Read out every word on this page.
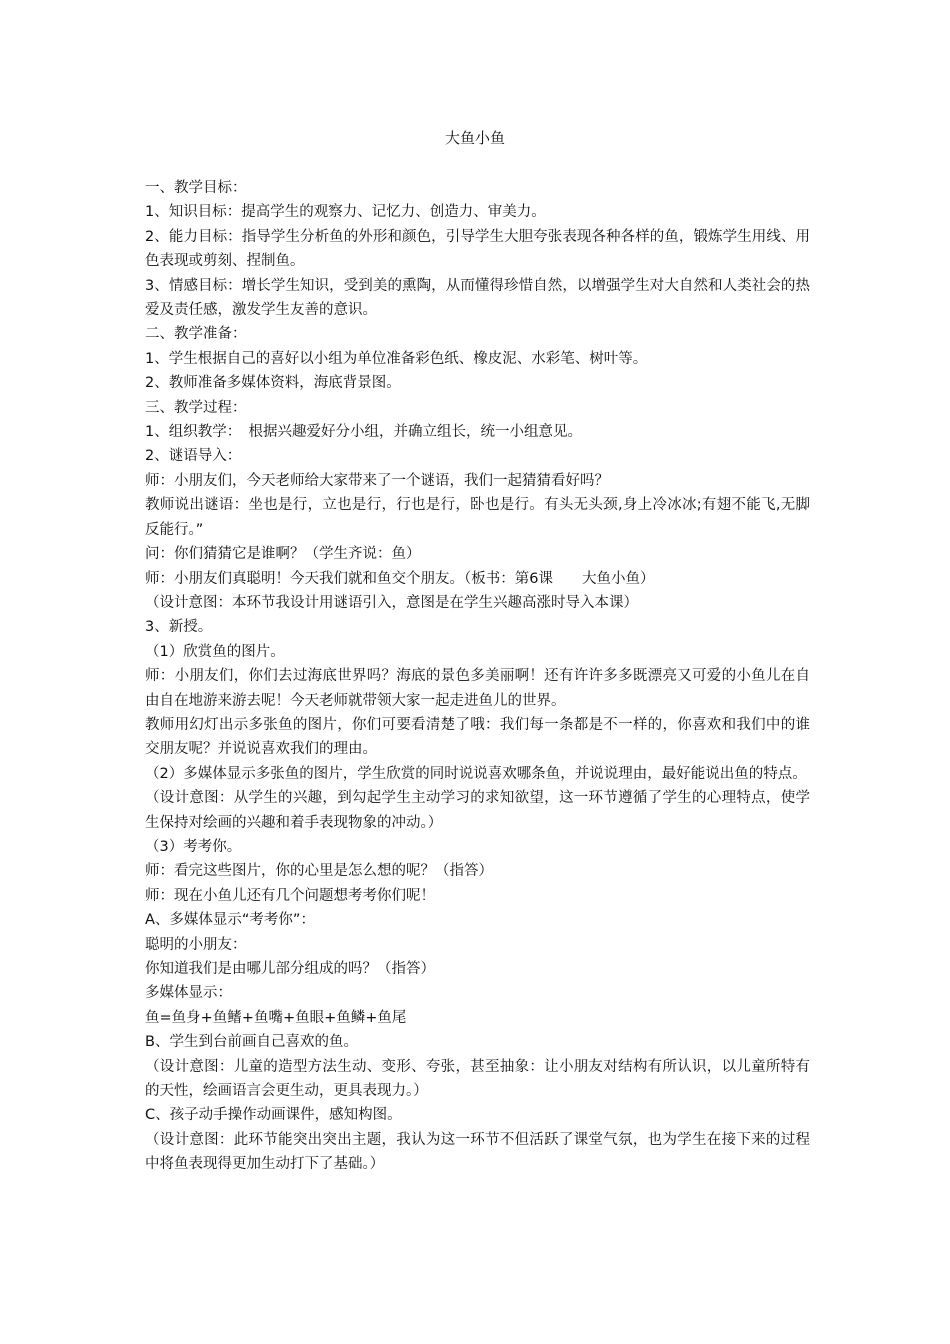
大鱼小鱼

一、教学目标：

1、知识目标：提高学生的观察力、记忆力、创造力、审美力。

2、能力目标：指导学生分析鱼的外形和颜色，引导学生大胆夸张表现各种各样的鱼，锻炼学生用线、用色表现或剪刻、捏制鱼。

3、情感目标：增长学生知识，受到美的熏陶，从而懂得珍惜自然，以增强学生对大自然和人类社会的热爱及责任感，激发学生友善的意识。

二、教学准备：

1、学生根据自己的喜好以小组为单位准备彩色纸、橡皮泥、水彩笔、树叶等。

2、教师准备多媒体资料，海底背景图。

三、教学过程：

1、组织教学：　根据兴趣爱好分小组，并确立组长，统一小组意见。

2、谜语导入：

师：小朋友们，今天老师给大家带来了一个谜语，我们一起猜猜看好吗？

教师说出谜语：坐也是行，立也是行，行也是行，卧也是行。有头无头颈,身上冷冰冰;有翅不能飞,无脚反能行。”

问：你们猜猜它是谁啊？（学生齐说：鱼）

师：小朋友们真聪明！今天我们就和鱼交个朋友。（板书：第6课　　大鱼小鱼）

（设计意图：本环节我设计用谜语引入，意图是在学生兴趣高涨时导入本课）

3、新授。

（1）欣赏鱼的图片。

师：小朋友们，你们去过海底世界吗？海底的景色多美丽啊！还有许许多多既漂亮又可爱的小鱼儿在自由自在地游来游去呢！今天老师就带领大家一起走进鱼儿的世界。

教师用幻灯出示多张鱼的图片，你们可要看清楚了哦：我们每一条都是不一样的，你喜欢和我们中的谁交朋友呢？并说说喜欢我们的理由。

（2）多媒体显示多张鱼的图片，学生欣赏的同时说说喜欢哪条鱼，并说说理由，最好能说出鱼的特点。

（设计意图：从学生的兴趣，到勾起学生主动学习的求知欲望，这一环节遵循了学生的心理特点，使学生保持对绘画的兴趣和着手表现物象的冲动。）

（3）考考你。

师：看完这些图片，你的心里是怎么想的呢？（指答）

师：现在小鱼儿还有几个问题想考考你们呢！

A、多媒体显示“考考你”：

聪明的小朋友：

你知道我们是由哪儿部分组成的吗？（指答）

多媒体显示：

鱼=鱼身+鱼鳍+鱼嘴+鱼眼+鱼鳞+鱼尾

B、学生到台前画自己喜欢的鱼。

（设计意图：儿童的造型方法生动、变形、夸张，甚至抽象：让小朋友对结构有所认识，以儿童所特有的天性，绘画语言会更生动，更具表现力。）

C、孩子动手操作动画课件，感知构图。

（设计意图：此环节能突出突出主题，我认为这一环节不但活跃了课堂气氛，也为学生在接下来的过程中将鱼表现得更加生动打下了基础。）
